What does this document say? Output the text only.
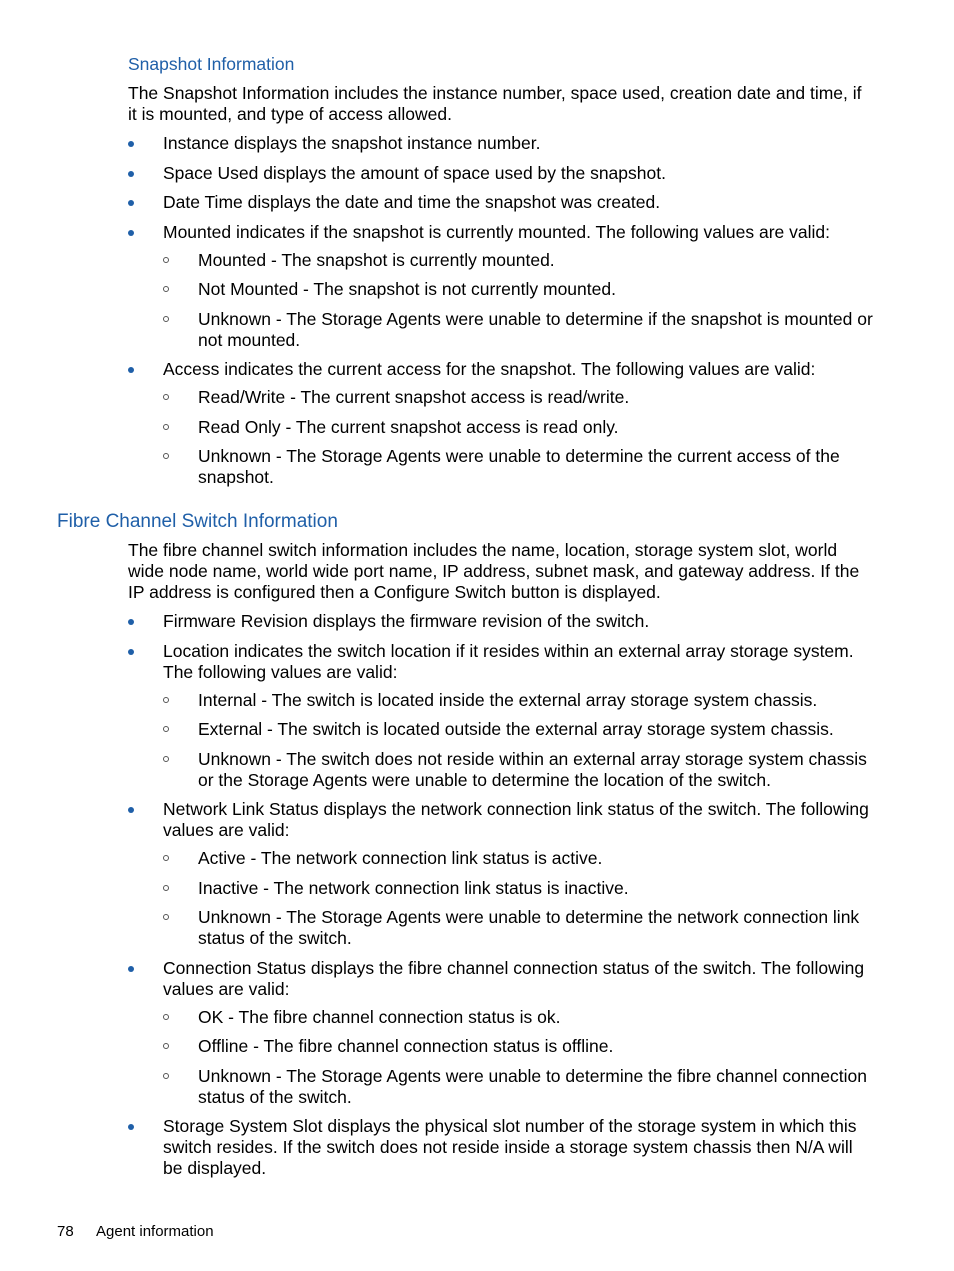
Snapshot Information

The Snapshot Information includes the instance number, space used, creation date and time, if it is mounted, and type of access allowed.

Instance displays the snapshot instance number.
Space Used displays the amount of space used by the snapshot.
Date Time displays the date and time the snapshot was created.
Mounted indicates if the snapshot is currently mounted. The following values are valid:
Mounted - The snapshot is currently mounted.
Not Mounted - The snapshot is not currently mounted.
Unknown - The Storage Agents were unable to determine if the snapshot is mounted or not mounted.
Access indicates the current access for the snapshot. The following values are valid:
Read/Write - The current snapshot access is read/write.
Read Only - The current snapshot access is read only.
Unknown - The Storage Agents were unable to determine the current access of the snapshot.
Fibre Channel Switch Information

The fibre channel switch information includes the name, location, storage system slot, world wide node name, world wide port name, IP address, subnet mask, and gateway address. If the IP address is configured then a Configure Switch button is displayed.

Firmware Revision displays the firmware revision of the switch.
Location indicates the switch location if it resides within an external array storage system. The following values are valid:
Internal - The switch is located inside the external array storage system chassis.
External - The switch is located outside the external array storage system chassis.
Unknown - The switch does not reside within an external array storage system chassis or the Storage Agents were unable to determine the location of the switch.
Network Link Status displays the network connection link status of the switch. The following values are valid:
Active - The network connection link status is active.
Inactive - The network connection link status is inactive.
Unknown - The Storage Agents were unable to determine the network connection link status of the switch.
Connection Status displays the fibre channel connection status of the switch. The following values are valid:
OK - The fibre channel connection status is ok.
Offline - The fibre channel connection status is offline.
Unknown - The Storage Agents were unable to determine the fibre channel connection status of the switch.
Storage System Slot displays the physical slot number of the storage system in which this switch resides. If the switch does not reside inside a storage system chassis then N/A will be displayed.
78 Agent information
